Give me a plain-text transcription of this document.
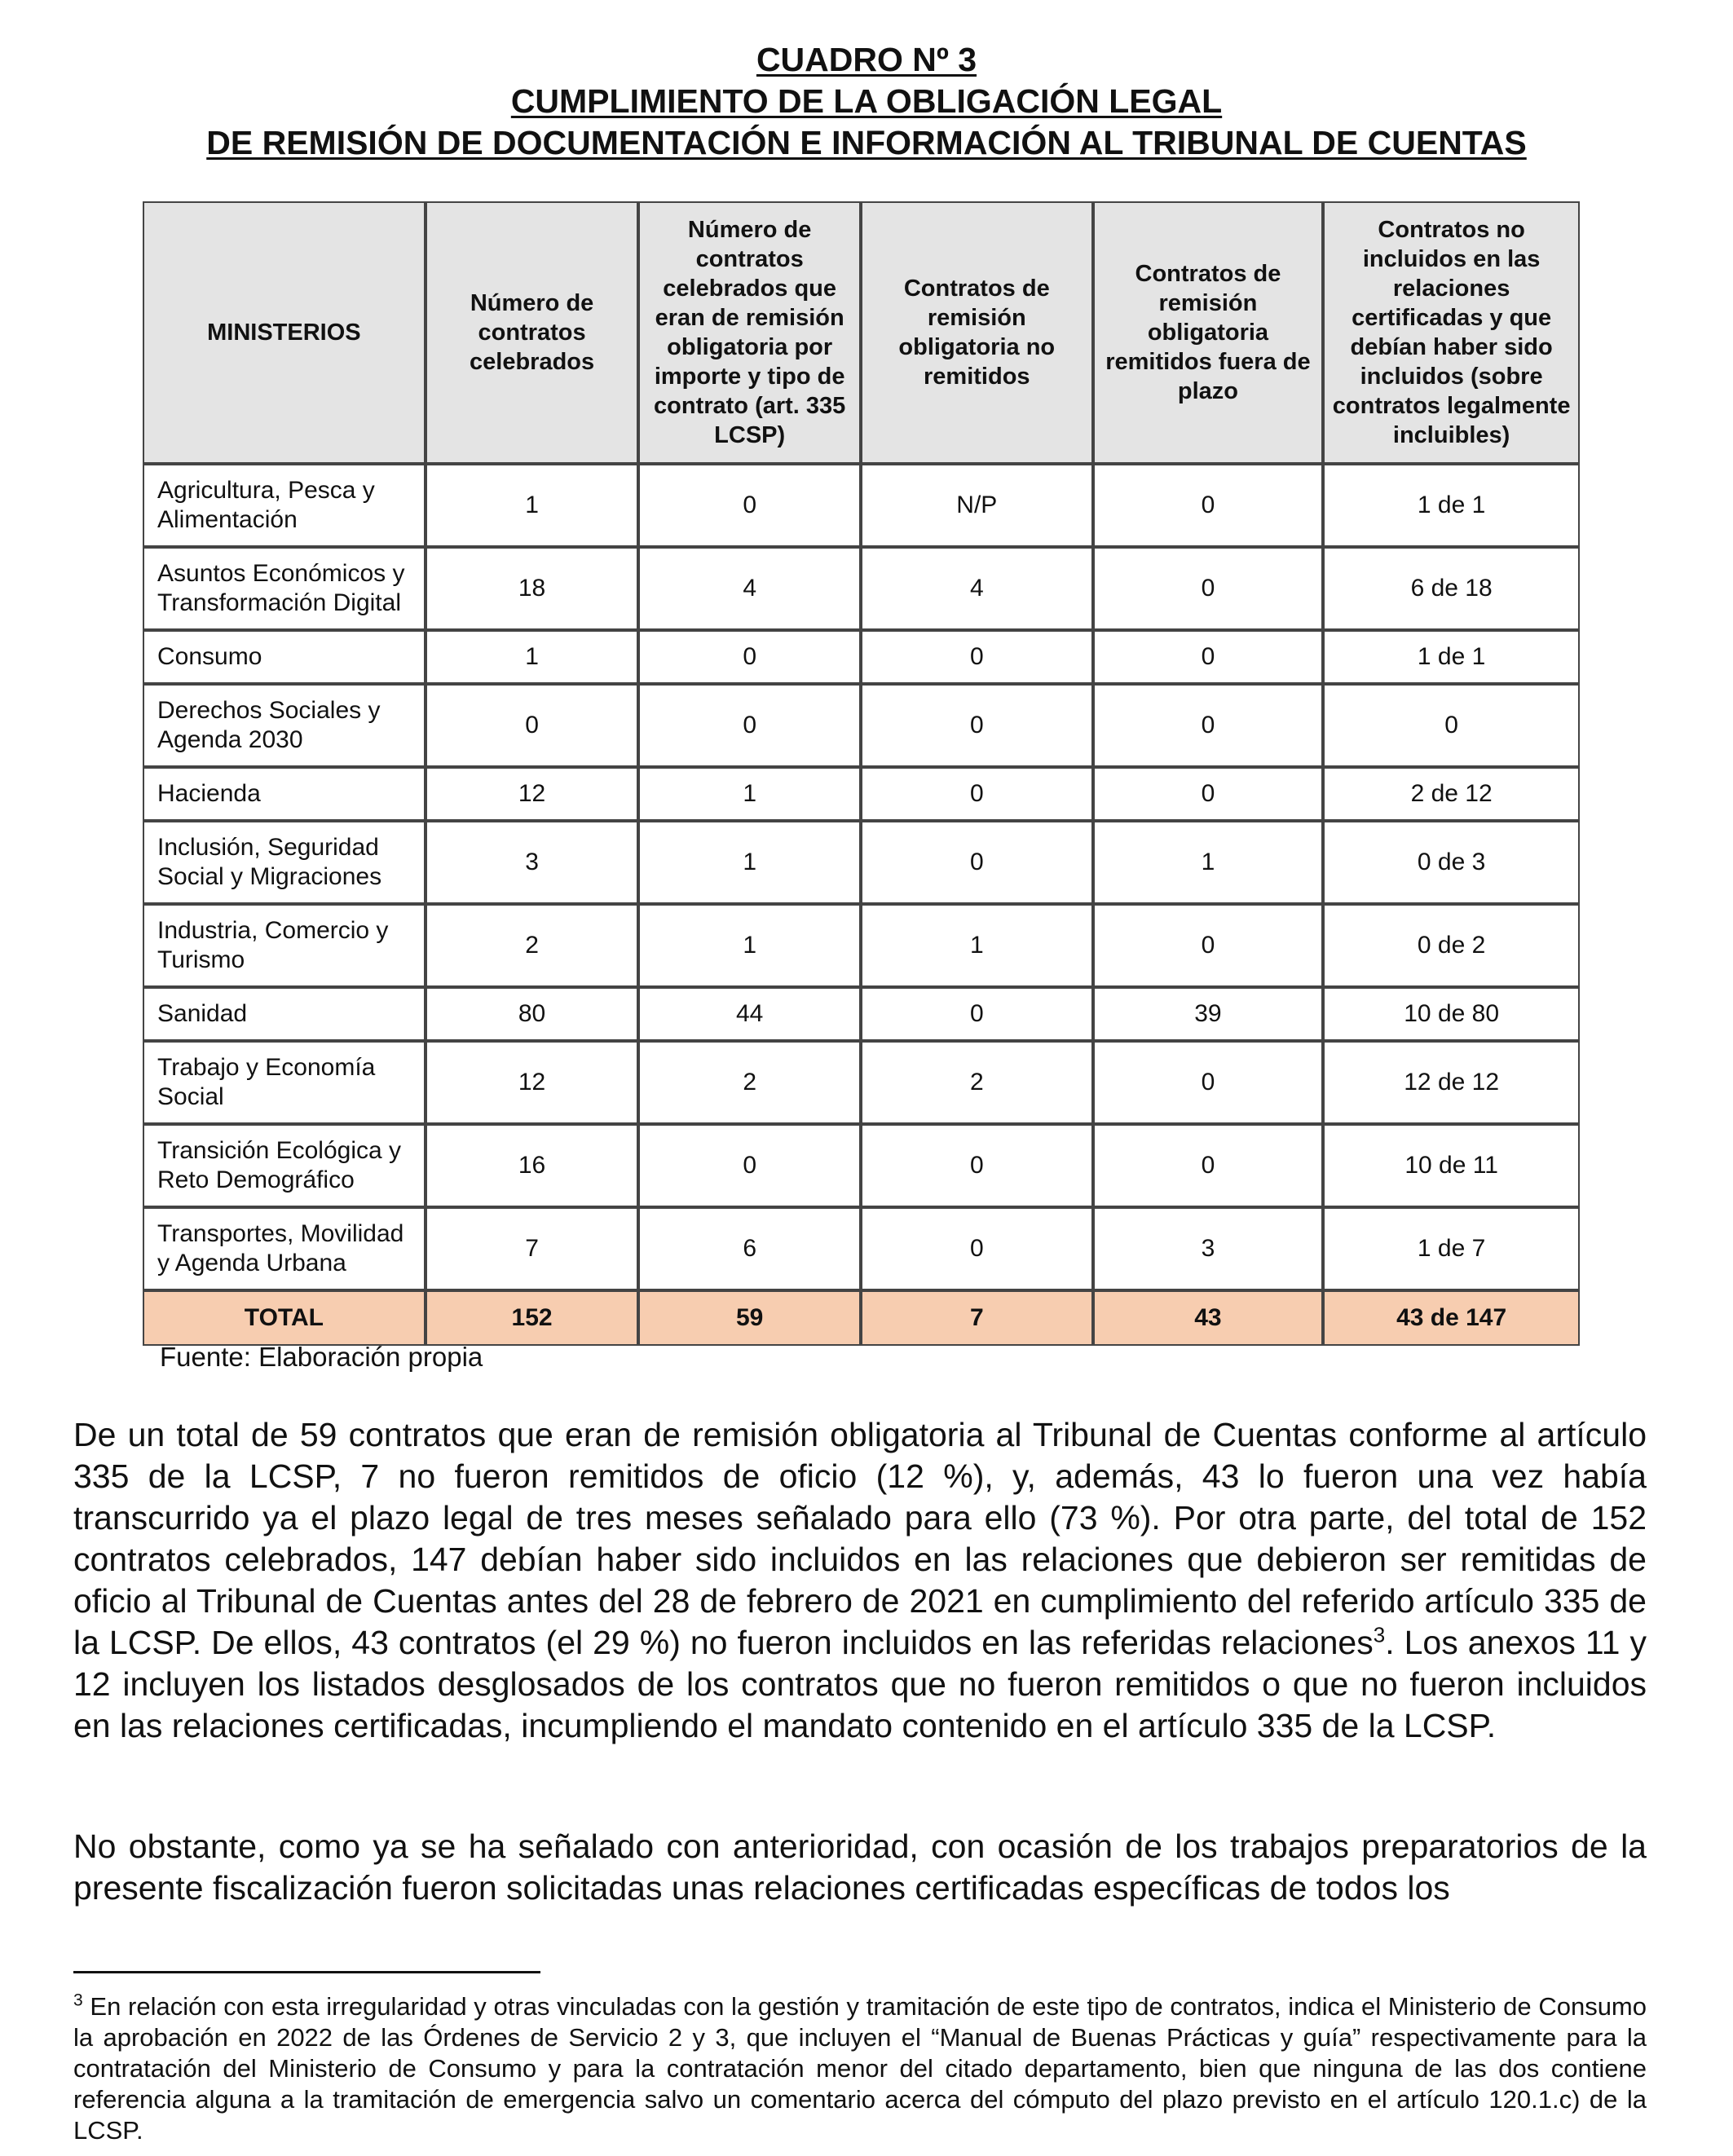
CUADRO Nº 3
CUMPLIMIENTO DE LA OBLIGACIÓN LEGAL
DE REMISIÓN DE DOCUMENTACIÓN E INFORMACIÓN AL TRIBUNAL DE CUENTAS
MINISTERIOS	Número de contratos celebrados	Número de contratos celebrados que eran de remisión obligatoria por importe y tipo de contrato (art. 335 LCSP)	Contratos de remisión obligatoria no remitidos	Contratos de remisión obligatoria remitidos fuera de plazo	Contratos no incluidos en las relaciones certificadas y que debían haber sido incluidos (sobre contratos legalmente incluibles)
Agricultura, Pesca y Alimentación	1	0	N/P	0	1 de 1
Asuntos Económicos y Transformación Digital	18	4	4	0	6 de 18
Consumo	1	0	0	0	1 de 1
Derechos Sociales y Agenda 2030	0	0	0	0	0
Hacienda	12	1	0	0	2 de 12
Inclusión, Seguridad Social y Migraciones	3	1	0	1	0 de 3
Industria, Comercio y Turismo	2	1	1	0	0 de 2
Sanidad	80	44	0	39	10 de 80
Trabajo y Economía Social	12	2	2	0	12 de 12
Transición Ecológica y Reto Demográfico	16	0	0	0	10 de 11
Transportes, Movilidad y Agenda Urbana	7	6	0	3	1 de 7
TOTAL	152	59	7	43	43 de 147
Fuente: Elaboración propia

De un total de 59 contratos que eran de remisión obligatoria al Tribunal de Cuentas conforme al artículo 335 de la LCSP, 7 no fueron remitidos de oficio (12 %), y, además, 43 lo fueron una vez había transcurrido ya el plazo legal de tres meses señalado para ello (73 %). Por otra parte, del total de 152 contratos celebrados, 147 debían haber sido incluidos en las relaciones que debieron ser remitidas de oficio al Tribunal de Cuentas antes del 28 de febrero de 2021 en cumplimiento del referido artículo 335 de la LCSP. De ellos, 43 contratos (el 29 %) no fueron incluidos en las referidas relaciones$^3$. Los anexos 11 y 12 incluyen los listados desglosados de los contratos que no fueron remitidos o que no fueron incluidos en las relaciones certificadas, incumpliendo el mandato contenido en el artículo 335 de la LCSP.

No obstante, como ya se ha señalado con anterioridad, con ocasión de los trabajos preparatorios de la presente fiscalización fueron solicitadas unas relaciones certificadas específicas de todos los

$^3$ En relación con esta irregularidad y otras vinculadas con la gestión y tramitación de este tipo de contratos, indica el Ministerio de Consumo la aprobación en 2022 de las Órdenes de Servicio 2 y 3, que incluyen el “Manual de Buenas Prácticas y guía” respectivamente para la contratación del Ministerio de Consumo y para la contratación menor del citado departamento, bien que ninguna de las dos contiene referencia alguna a la tramitación de emergencia salvo un comentario acerca del cómputo del plazo previsto en el artículo 120.1.c) de la LCSP.
